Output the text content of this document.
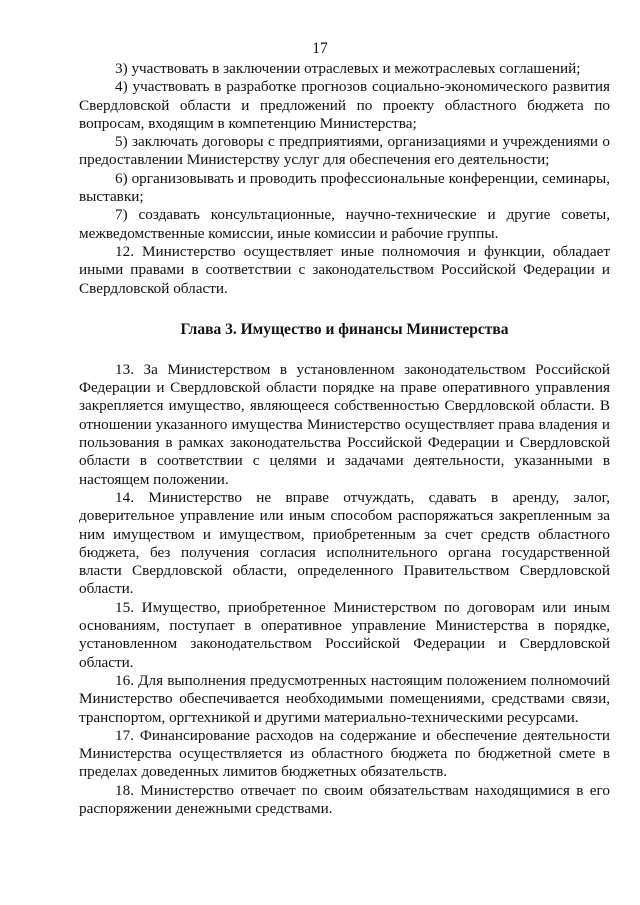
17

3) участвовать в заключении отраслевых и межотраслевых соглашений;

4) участвовать в разработке прогнозов социально-экономического развития Свердловской области и предложений по проекту областного бюджета по вопросам, входящим в компетенцию Министерства;

5) заключать договоры с предприятиями, организациями и учреждениями о предоставлении Министерству услуг для обеспечения его деятельности;

6) организовывать и проводить профессиональные конференции, семинары, выставки;

7) создавать консультационные, научно-технические и другие советы, межведомственные комиссии, иные комиссии и рабочие группы.

12. Министерство осуществляет иные полномочия и функции, обладает иными правами в соответствии с законодательством Российской Федерации и Свердловской области.

Глава 3. Имущество и финансы Министерства

13. За Министерством в установленном законодательством Российской Федерации и Свердловской области порядке на праве оперативного управления закрепляется имущество, являющееся собственностью Свердловской области. В отношении указанного имущества Министерство осуществляет права владения и пользования в рамках законодательства Российской Федерации и Свердловской области в соответствии с целями и задачами деятельности, указанными в настоящем положении.

14. Министерство не вправе отчуждать, сдавать в аренду, залог, доверительное управление или иным способом распоряжаться закрепленным за ним имуществом и имуществом, приобретенным за счет средств областного бюджета, без получения согласия исполнительного органа государственной власти Свердловской области, определенного Правительством Свердловской области.

15. Имущество, приобретенное Министерством по договорам или иным основаниям, поступает в оперативное управление Министерства в порядке, установленном законодательством Российской Федерации и Свердловской области.

16. Для выполнения предусмотренных настоящим положением полномочий Министерство обеспечивается необходимыми помещениями, средствами связи, транспортом, оргтехникой и другими материально-техническими ресурсами.

17. Финансирование расходов на содержание и обеспечение деятельности Министерства осуществляется из областного бюджета по бюджетной смете в пределах доведенных лимитов бюджетных обязательств.

18. Министерство отвечает по своим обязательствам находящимися в его распоряжении денежными средствами.
